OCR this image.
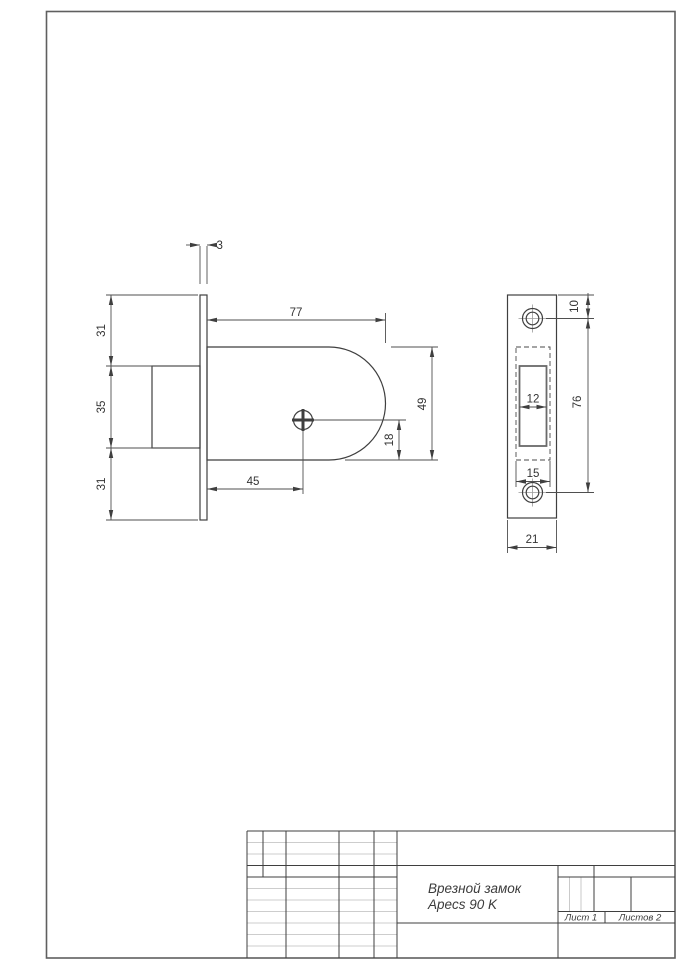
3
31
35
31
77
49
18
45
10
76
12
15
21
Врезной замок
Apecs 90 K
Лист 1 Листов 2
